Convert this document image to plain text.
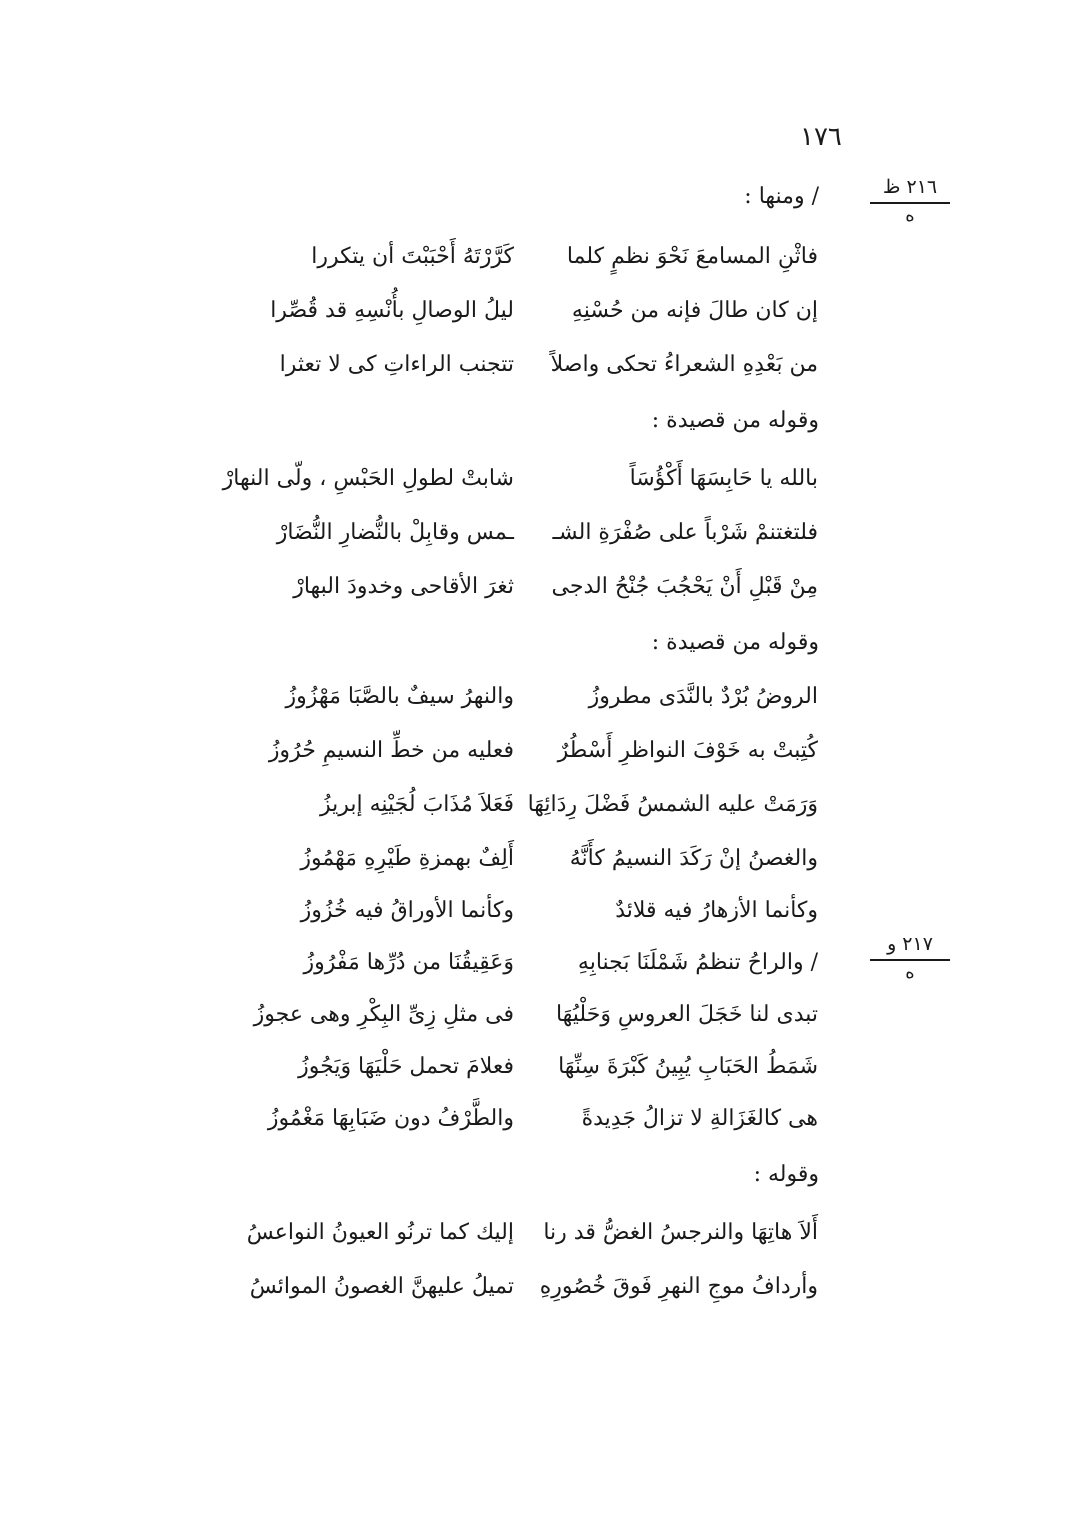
١٧٦
٢١٦ ظ
ه
٢١٧ و
ه
/ ومنها :
فاثْنِ المسامعَ نَحْوَ نظمٍ كلما
كَرَّرْتَهُ أَحْبَبْتَ أن يتكررا
إن كان طالَ فإنه من حُسْنِهِ
ليلُ الوصالِ بأُنْسِهِ قد قُصِّرا
من بَعْدِهِ الشعراءُ تحكى واصلاً
تتجنب الراءاتِ كى لا تعثرا
وقوله من قصيدة :
بالله يا حَابِسَهَا أَكْؤُسَاً
شابتْ لطولِ الحَبْسِ ، ولّى النهارْ
فلتغتنمْ شَرْباً على صُفْرَةِ الشـ
ـمس وقابِلْ بالنُّضارِ النُّضَارْ
مِنْ قَبْلِ أَنْ يَحْجُبَ جُنْحُ الدجى
ثغرَ الأقاحى وخدودَ البهارْ
وقوله من قصيدة :
الروضُ بُرْدٌ بالنَّدَى مطروزُ
والنهرُ سيفٌ بالصَّبَا مَهْزُوزُ
كُتِبتْ به خَوْفَ النواظرِ أَسْطُرٌ
فعليه من خطِّ النسيمِ حُرُوزُ
وَرَمَتْ عليه الشمسُ فَضْلَ رِدَائِهَا
فَعَلاَ مُذَابَ لُجَيْنِه إبريزُ
والغصنُ إنْ رَكَدَ النسيمُ كأَنَّهُ
أَلِفٌ بهمزةِ طَيْرِهِ مَهْمُوزُ
وكأنما الأزهارُ فيه قلائدٌ
وكأنما الأوراقُ فيه خُزُوزُ
/ والراحُ تنظمُ شَمْلَنَا بَجنابِهِ
وَعَقِيقُنَا من دُرِّها مَفْرُوزُ
تبدى لنا خَجَلَ العروسِ وَحَلْيُهَا
فى مثلِ زِىِّ البِكْرِ وهى عجوزُ
شَمَطُ الحَبَابِ يُبِينُ كَبْرَةَ سِنِّهَا
فعلامَ تحمل حَلْيَهَا وَيَجُوزُ
هى كالغَزَالةِ لا تزالُ جَدِيدةً
والطَّرْفُ دون ضَبَابِهَا مَغْمُوزُ
وقوله :
أَلاَ هاتِهَا والنرجسُ الغضُّ قد رنا
إليك كما ترنُو العيونُ النواعسُ
وأردافُ موجِ النهرِ فَوقَ خُصُورِهِ
تميلُ عليهنَّ الغصونُ الموائسُ
